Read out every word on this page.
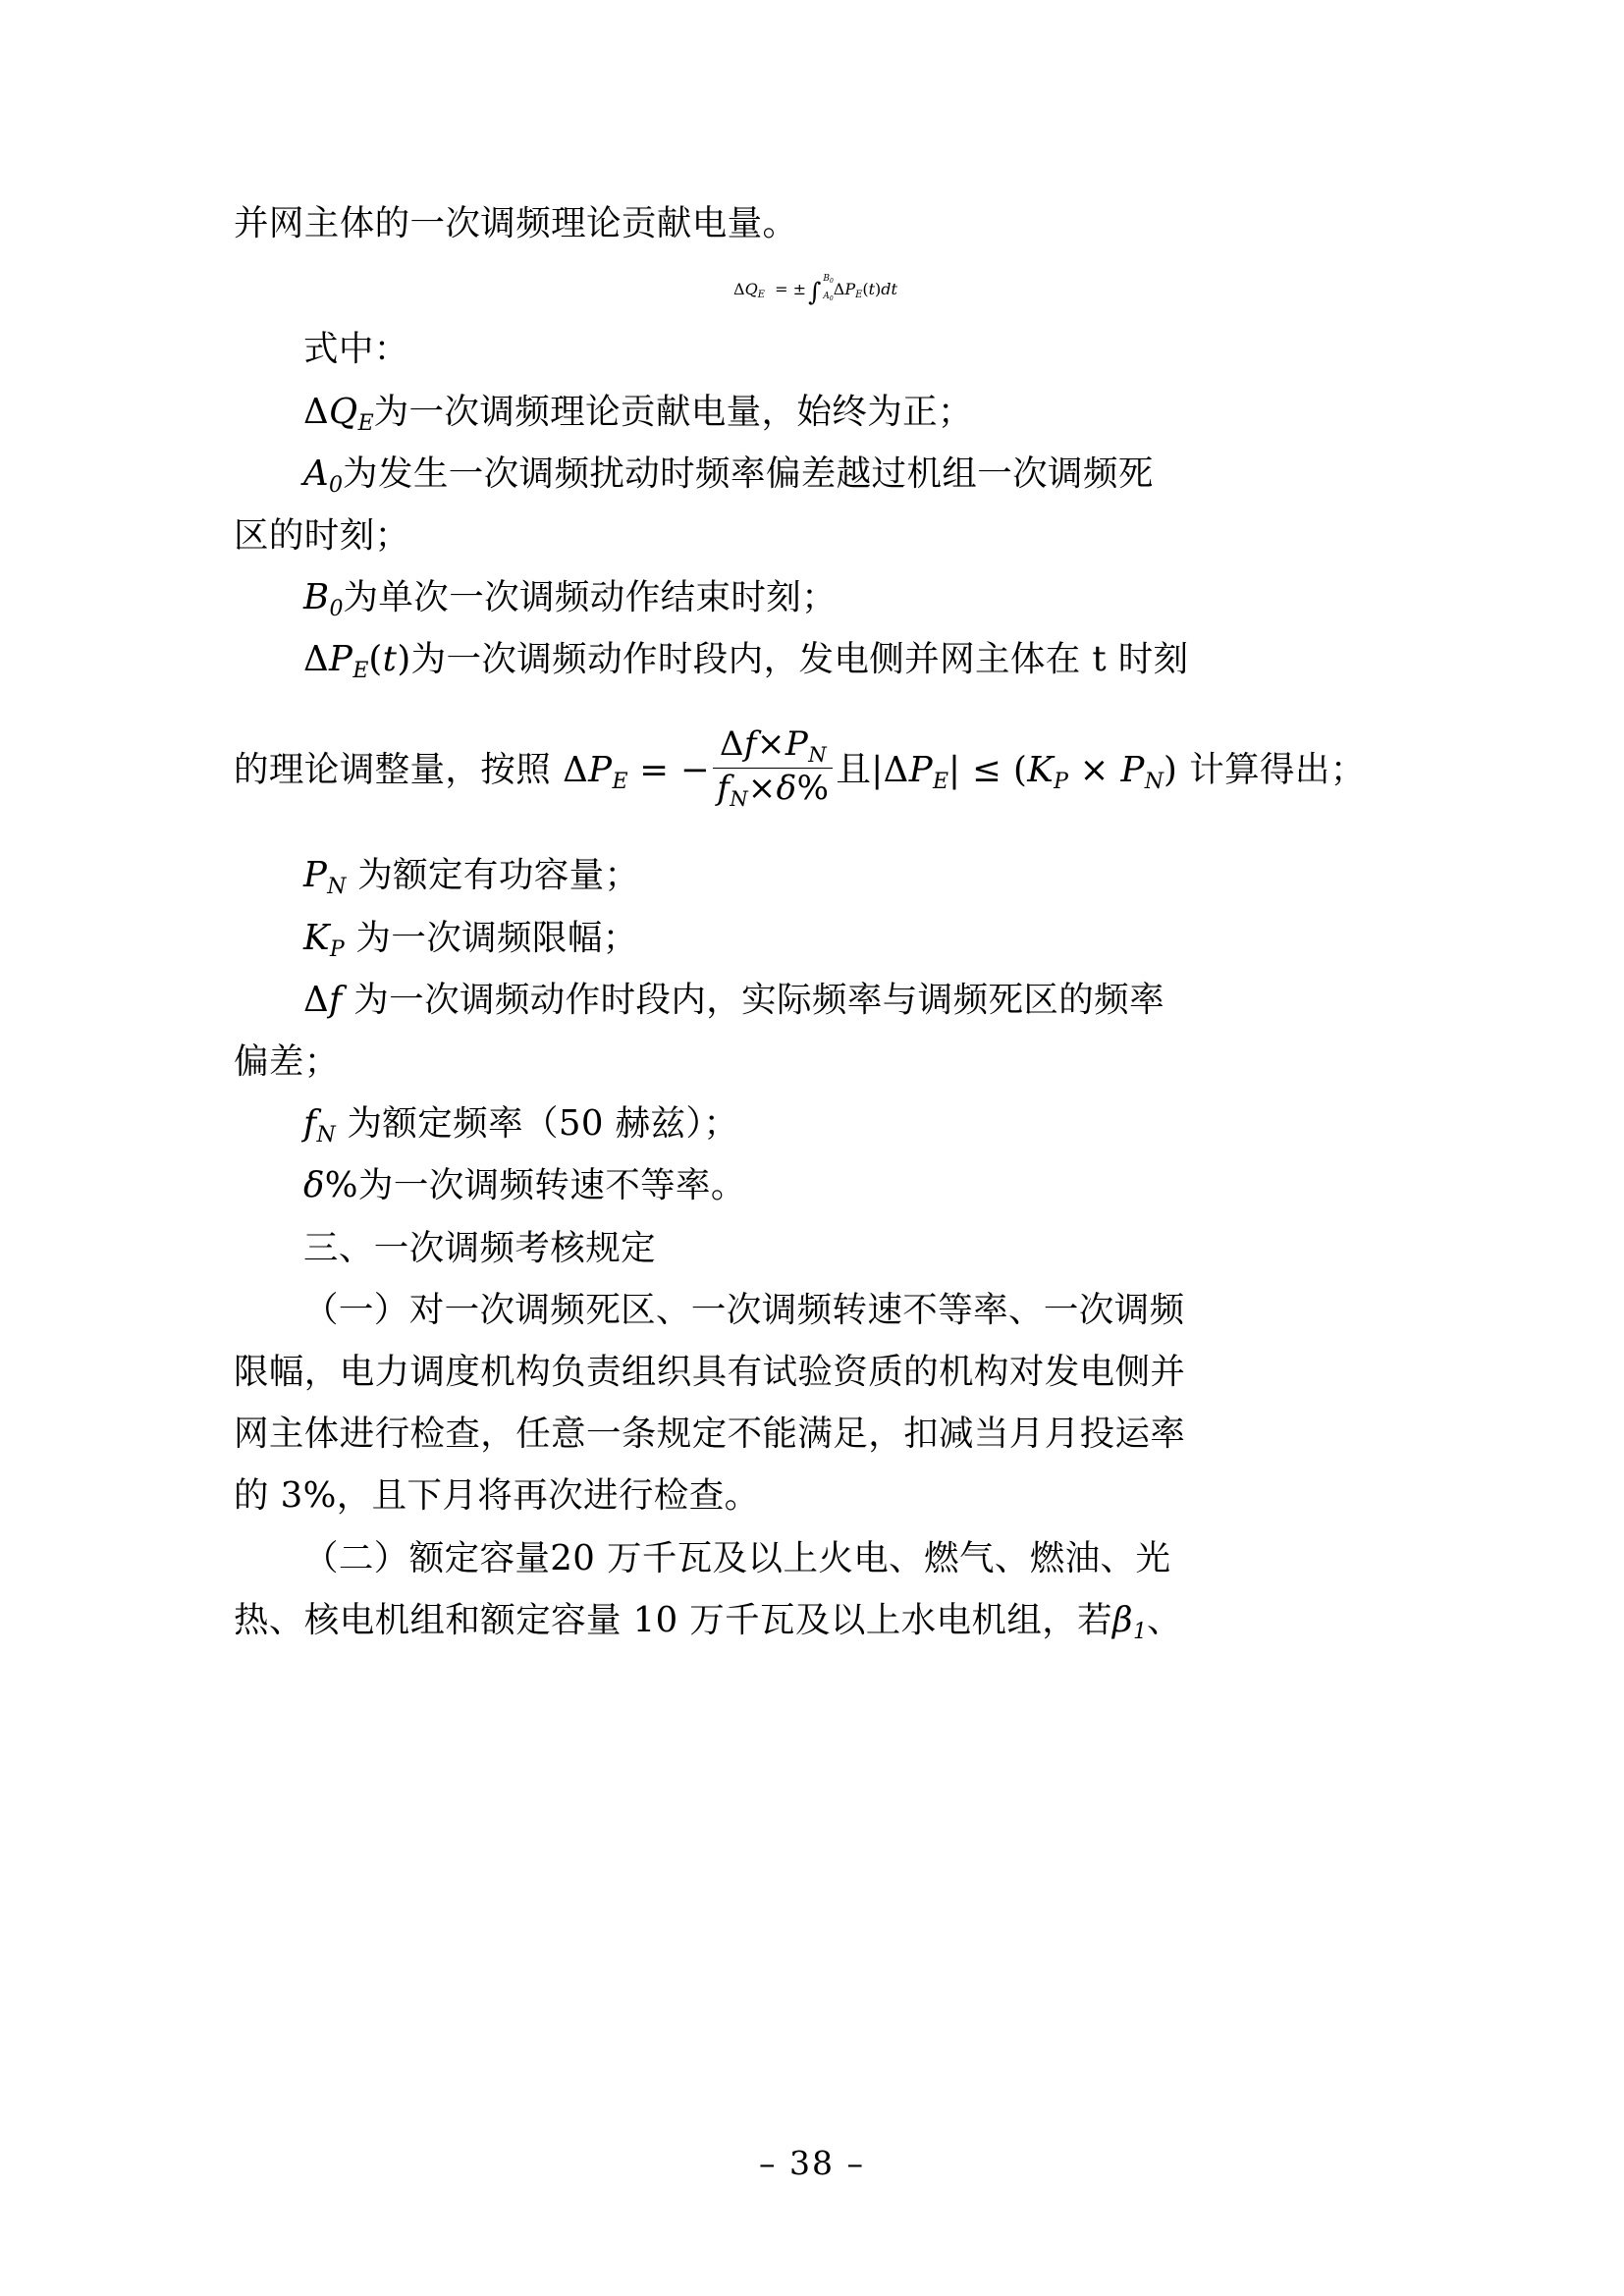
并网主体的一次调频理论贡献电量。

$\Delta Q_E$  = ±∫ $B_0$
$A_0$
$\Delta P_E(t)dt$

式中：

$\Delta Q_E$为一次调频理论贡献电量，始终为正；

$A_0$为发生一次调频扰动时频率偏差越过机组一次调频死

区的时刻；

$B_0$为单次一次调频动作结束时刻；

$\Delta P_E(t)$为一次调频动作时段内，发电侧并网主体在 t 时刻

的理论调整量，按照 $\Delta P_E$ = − $\frac{\Delta f\times P_N}{f_N\times\delta\%}$ 且$|\Delta P_E| \le (K_P \times P_N)$ 计算得出；

$P_N$ 为额定有功容量；

$K_P$ 为一次调频限幅；

Δf 为一次调频动作时段内，实际频率与调频死区的频率

偏差；

$f_N$ 为额定频率（50 赫兹）；

δ%为一次调频转速不等率。

三、一次调频考核规定

（一）对一次调频死区、一次调频转速不等率、一次调频

限幅，电力调度机构负责组织具有试验资质的机构对发电侧并

网主体进行检查，任意一条规定不能满足，扣减当月月投运率

的 3%，且下月将再次进行检查。

（二）额定容量20 万千瓦及以上火电、燃气、燃油、光

热、核电机组和额定容量 10 万千瓦及以上水电机组，若$\beta_1$、

– 38 –
